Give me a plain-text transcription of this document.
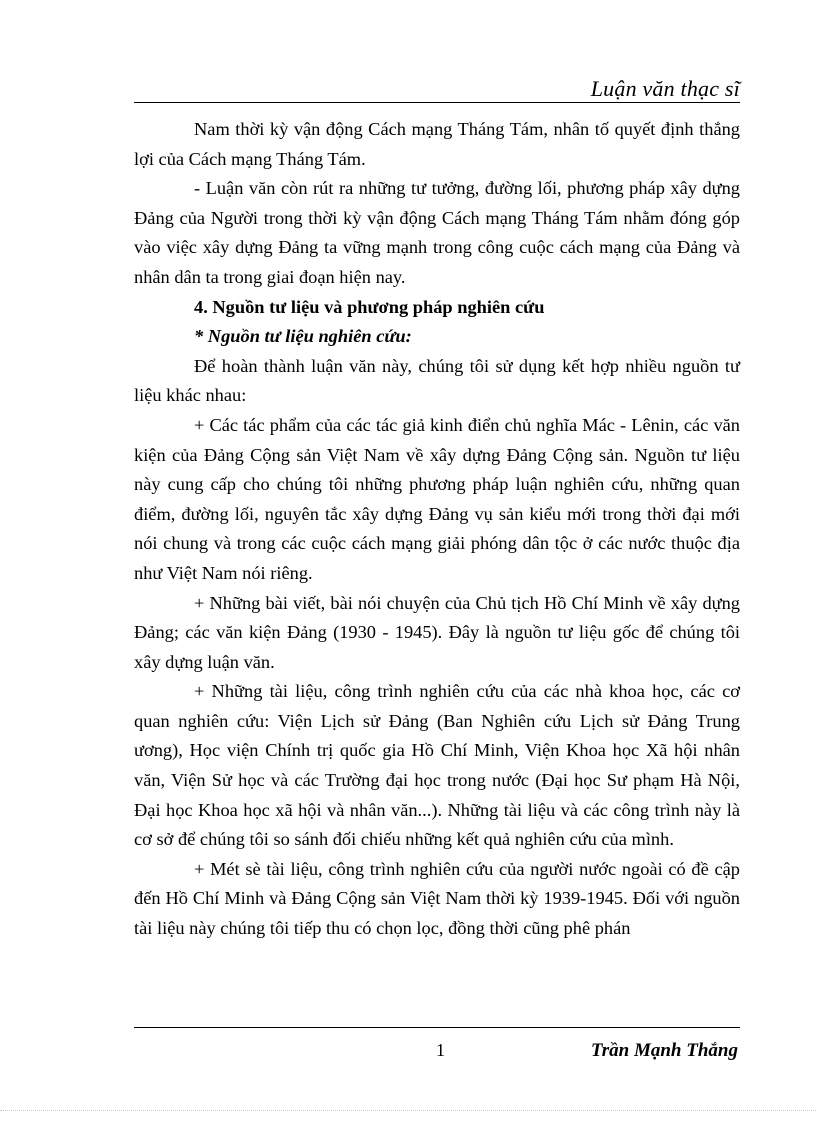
Luận văn thạc sĩ

Nam thời kỳ vận động Cách mạng Tháng Tám, nhân tố quyết định thắng lợi của Cách mạng Tháng Tám.

- Luận văn còn rút ra những tư tưởng, đường lối, phương pháp xây dựng Đảng của Người trong thời kỳ vận động Cách mạng Tháng Tám nhằm đóng góp vào việc xây dựng Đảng ta vững mạnh trong công cuộc cách mạng của Đảng và nhân dân ta trong giai đoạn hiện nay.

4. Nguồn tư liệu và phương pháp nghiên cứu

* Nguồn tư liệu nghiên cứu:

Để hoàn thành luận văn này, chúng tôi sử dụng kết hợp nhiều nguồn tư liệu khác nhau:

+ Các tác phẩm của các tác giả kinh điển chủ nghĩa Mác - Lênin, các văn kiện của Đảng Cộng sản Việt Nam về xây dựng Đảng Cộng sản. Nguồn tư liệu này cung cấp cho chúng tôi những phương pháp luận nghiên cứu, những quan điểm, đường lối, nguyên tắc xây dựng Đảng vụ sản kiểu mới trong thời đại mới nói chung và trong các cuộc cách mạng giải phóng dân tộc ở các nước thuộc địa như Việt Nam nói riêng.

+ Những bài viết, bài nói chuyện của Chủ tịch Hồ Chí Minh về xây dựng Đảng; các văn kiện Đảng (1930 - 1945). Đây là nguồn tư liệu gốc để chúng tôi xây dựng luận văn.

+ Những tài liệu, công trình nghiên cứu của các nhà khoa học, các cơ quan nghiên cứu: Viện Lịch sử Đảng (Ban Nghiên cứu Lịch sử Đảng Trung ương), Học viện Chính trị quốc gia Hồ Chí Minh, Viện Khoa học Xã hội nhân văn, Viện Sử học và các Trường đại học trong nước (Đại học Sư phạm Hà Nội, Đại học Khoa học xã hội và nhân văn...). Những tài liệu và các công trình này là cơ sở để chúng tôi so sánh đối chiếu những kết quả nghiên cứu của mình.

+ Mét sè tài liệu, công trình nghiên cứu của người nước ngoài có đề cập đến Hồ Chí Minh và Đảng Cộng sản Việt Nam thời kỳ 1939-1945. Đối với nguồn tài liệu này chúng tôi tiếp thu có chọn lọc, đồng thời cũng phê phán

1	Trần Mạnh Thắng
